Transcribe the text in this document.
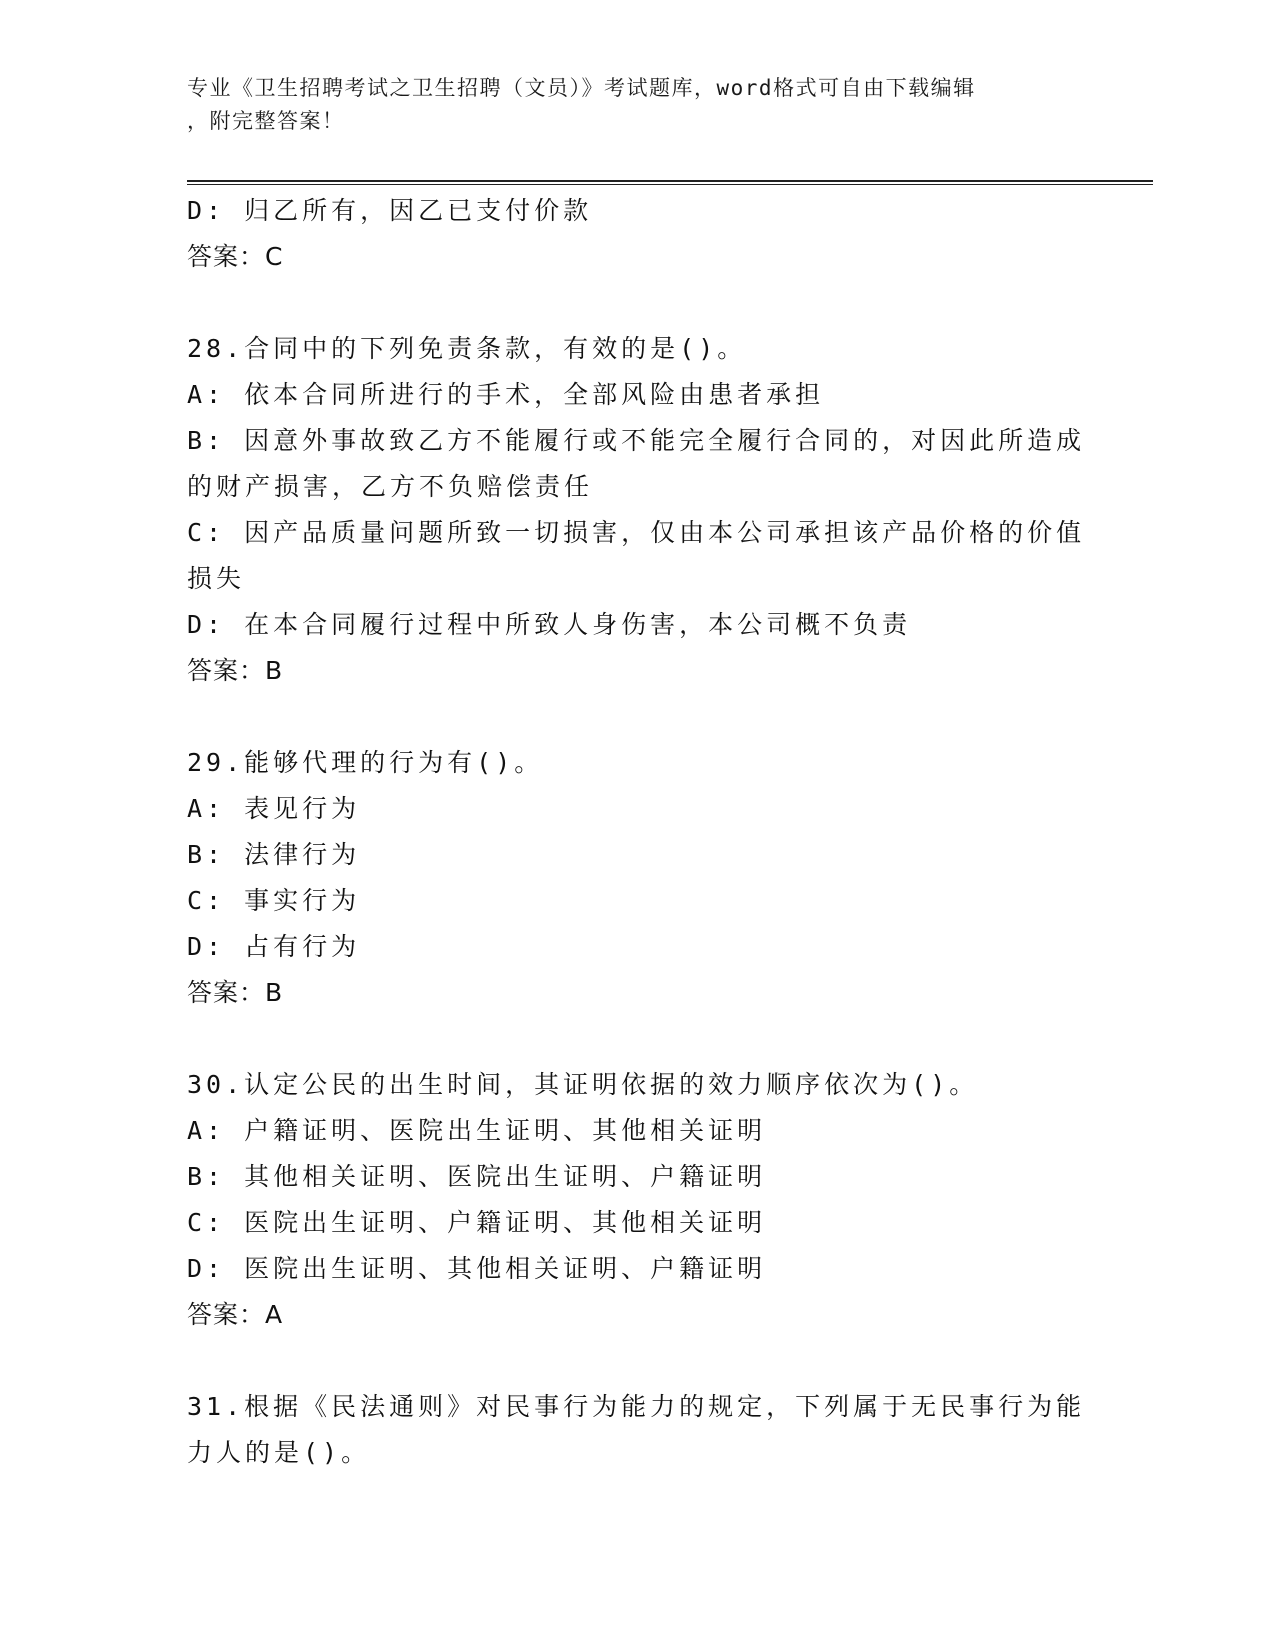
专业《卫生招聘考试之卫生招聘（文员）》考试题库，word格式可自由下载编辑
，附完整答案！
D: 归乙所有，因乙已支付价款
答案：C
28.合同中的下列免责条款，有效的是()。
A: 依本合同所进行的手术，全部风险由患者承担
B: 因意外事故致乙方不能履行或不能完全履行合同的，对因此所造成
的财产损害，乙方不负赔偿责任
C: 因产品质量问题所致一切损害，仅由本公司承担该产品价格的价值
损失
D: 在本合同履行过程中所致人身伤害，本公司概不负责
答案：B
29.能够代理的行为有()。
A: 表见行为
B: 法律行为
C: 事实行为
D: 占有行为
答案：B
30.认定公民的出生时间，其证明依据的效力顺序依次为()。
A: 户籍证明、医院出生证明、其他相关证明
B: 其他相关证明、医院出生证明、户籍证明
C: 医院出生证明、户籍证明、其他相关证明
D: 医院出生证明、其他相关证明、户籍证明
答案：A
31.根据《民法通则》对民事行为能力的规定，下列属于无民事行为能
力人的是()。
